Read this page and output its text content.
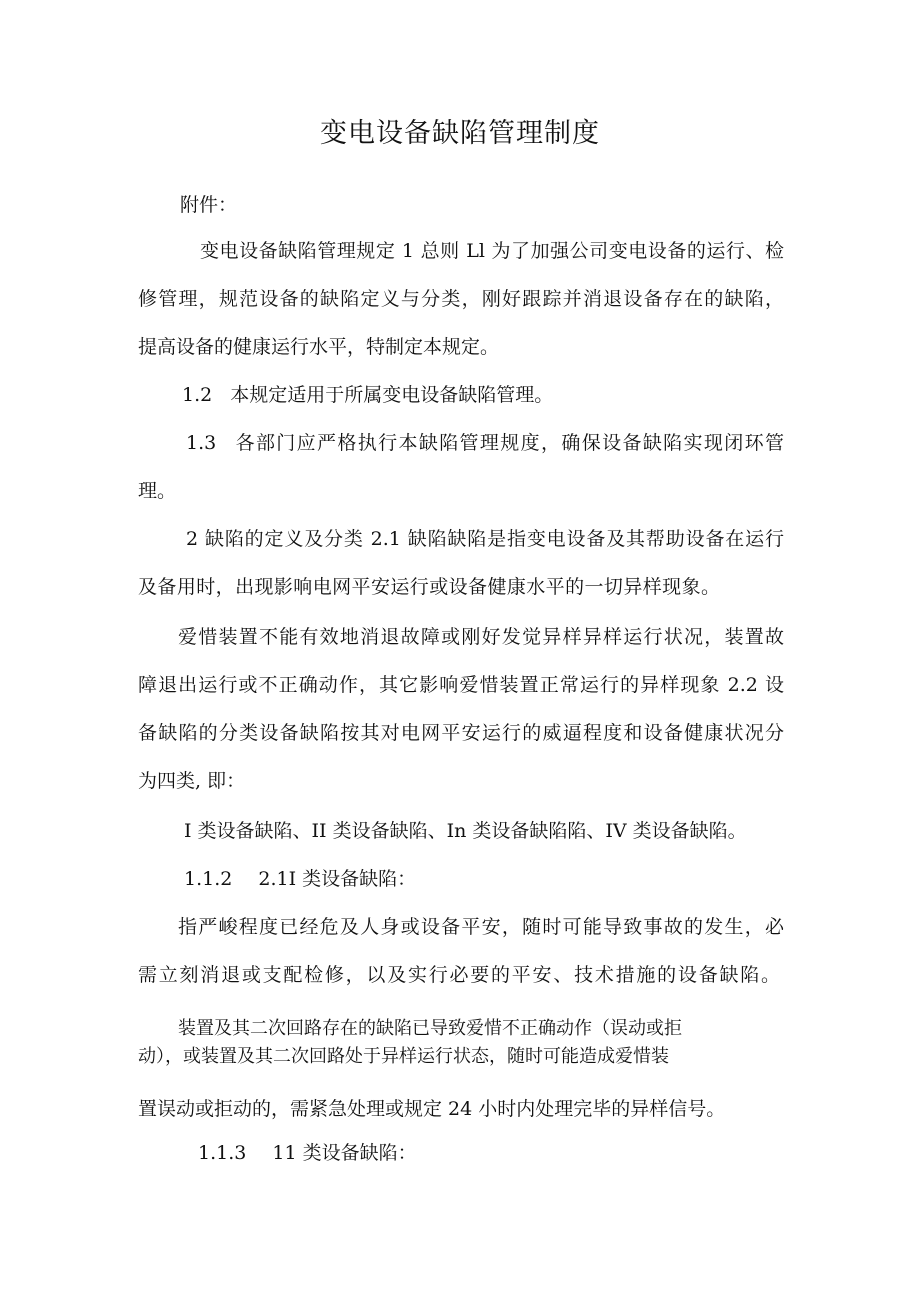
变电设备缺陷管理制度

附件：

变电设备缺陷管理规定 1 总则 Ll 为了加强公司变电设备的运行、检

修管理，规范设备的缺陷定义与分类，刚好跟踪并消退设备存在的缺陷，

提高设备的健康运行水平，特制定本规定。

1.2 本规定适用于所属变电设备缺陷管理。

1.3 各部门应严格执行本缺陷管理规度，确保设备缺陷实现闭环管

理。

2 缺陷的定义及分类 2.1 缺陷缺陷是指变电设备及其帮助设备在运行

及备用时，出现影响电网平安运行或设备健康水平的一切异样现象。

爱惜装置不能有效地消退故障或刚好发觉异样异样运行状况，装置故

障退出运行或不正确动作，其它影响爱惜装置正常运行的异样现象 2.2 设

备缺陷的分类设备缺陷按其对电网平安运行的威逼程度和设备健康状况分

为四类, 即：

I 类设备缺陷、II 类设备缺陷、In 类设备缺陷陷、IV 类设备缺陷。

1.1.2 2.1I 类设备缺陷：

指严峻程度已经危及人身或设备平安，随时可能导致事故的发生，必

需立刻消退或支配检修，以及实行必要的平安、技术措施的设备缺陷。

装置及其二次回路存在的缺陷已导致爱惜不正确动作（误动或拒

动），或装置及其二次回路处于异样运行状态，随时可能造成爱惜装

置误动或拒动的，需紧急处理或规定 24 小时内处理完毕的异样信号。

1.1.3 11 类设备缺陷：
